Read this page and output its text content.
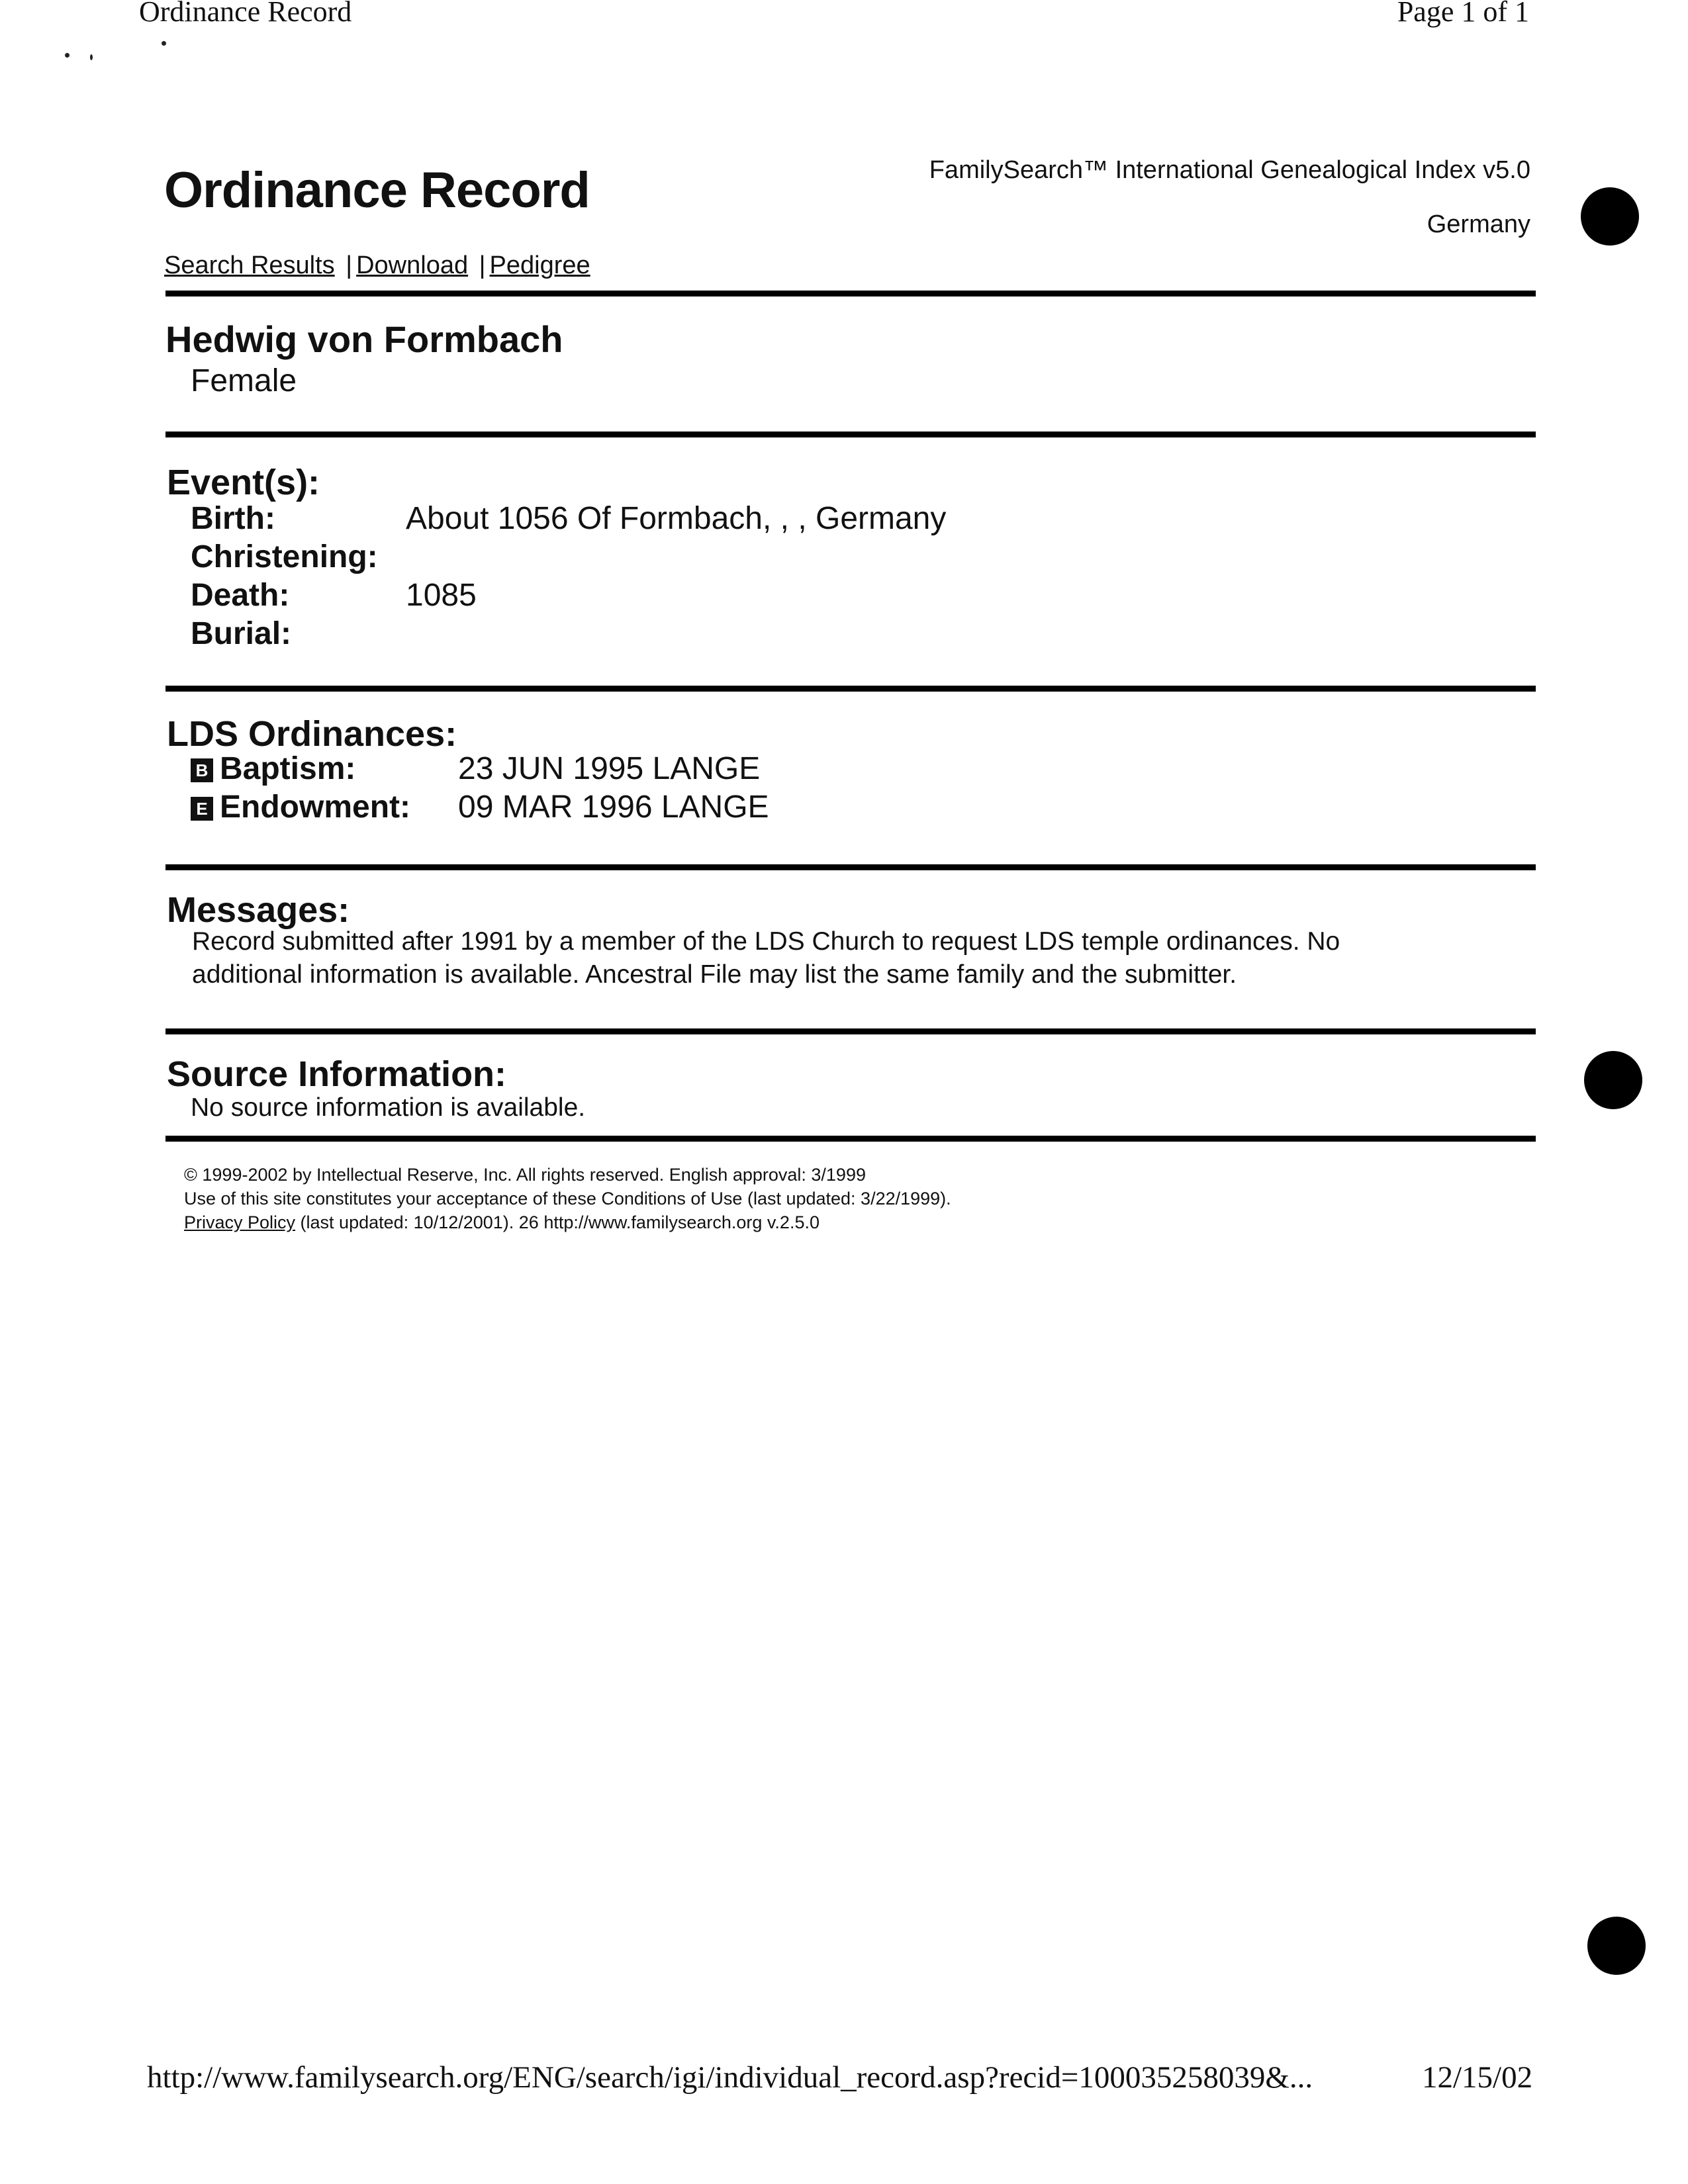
Ordinance Record	Page 1 of 1
Ordinance Record	FamilySearch™ International Genealogical Index v5.0
Germany
Search Results | Download | Pedigree
Hedwig von Formbach
Female
Event(s):
Birth:	About 1056 Of Formbach, , , Germany
Christening:
Death:	1085
Burial:
LDS Ordinances:
B Baptism:	23 JUN 1995 LANGE
E Endowment: 09 MAR 1996 LANGE
Messages:
Record submitted after 1991 by a member of the LDS Church to request LDS temple ordinances. No additional information is available. Ancestral File may list the same family and the submitter.
Source Information:
No source information is available.
© 1999-2002 by Intellectual Reserve, Inc. All rights reserved. English approval: 3/1999
Use of this site constitutes your acceptance of these Conditions of Use (last updated: 3/22/1999).
Privacy Policy (last updated: 10/12/2001). 26 http://www.familysearch.org v.2.5.0
http://www.familysearch.org/ENG/search/igi/individual_record.asp?recid=100035258039&...	12/15/02
